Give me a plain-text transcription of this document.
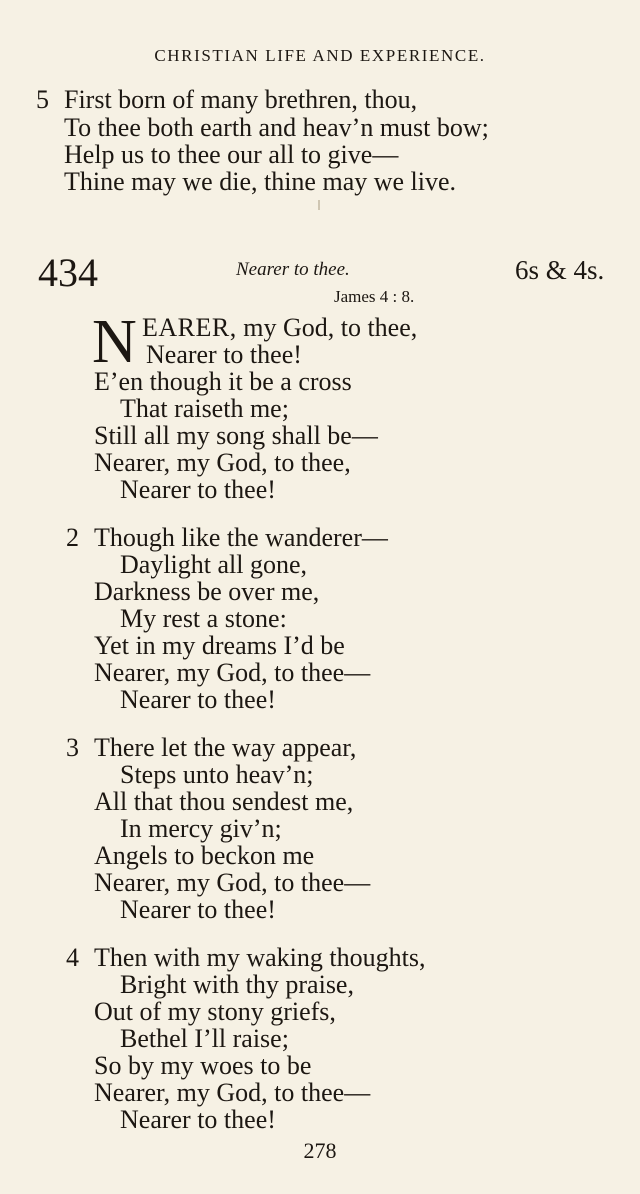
CHRISTIAN LIFE AND EXPERIENCE.
5 First born of many brethren, thou,
To thee both earth and heav’n must bow;
Help us to thee our all to give—
Thine may we die, thine may we live.
434	Nearer to thee.	6s & 4s.
James 4 : 8.
N EARER, my God, to thee,
Nearer to thee!
E’en though it be a cross
That raiseth me;
Still all my song shall be—
Nearer, my God, to thee,
Nearer to thee!
2 Though like the wanderer—
Daylight all gone,
Darkness be over me,
My rest a stone:
Yet in my dreams I’d be
Nearer, my God, to thee—
Nearer to thee!
3 There let the way appear,
Steps unto heav’n;
All that thou sendest me,
In mercy giv’n;
Angels to beckon me
Nearer, my God, to thee—
Nearer to thee!
4 Then with my waking thoughts,
Bright with thy praise,
Out of my stony griefs,
Bethel I’ll raise;
So by my woes to be
Nearer, my God, to thee—
Nearer to thee!
278
